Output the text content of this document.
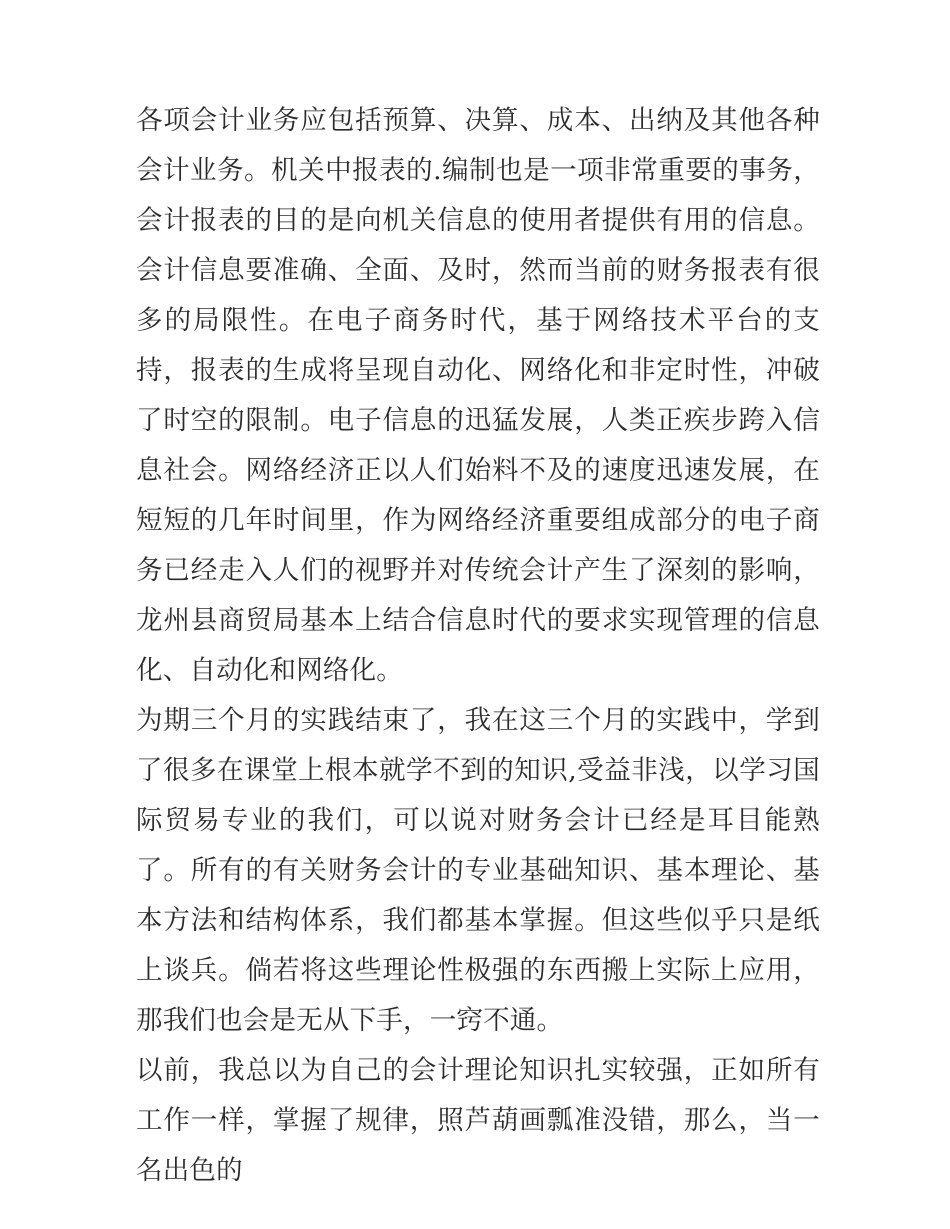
各项会计业务应包括预算、决算、成本、出纳及其他各种会计业务。机关中报表的.编制也是一项非常重要的事务，会计报表的目的是向机关信息的使用者提供有用的信息。会计信息要准确、全面、及时，然而当前的财务报表有很多的局限性。在电子商务时代，基于网络技术平台的支持，报表的生成将呈现自动化、网络化和非定时性，冲破了时空的限制。电子信息的迅猛发展，人类正疾步跨入信息社会。网络经济正以人们始料不及的速度迅速发展，在短短的几年时间里，作为网络经济重要组成部分的电子商务已经走入人们的视野并对传统会计产生了深刻的影响，龙州县商贸局基本上结合信息时代的要求实现管理的信息化、自动化和网络化。

为期三个月的实践结束了，我在这三个月的实践中，学到了很多在课堂上根本就学不到的知识,受益非浅，以学习国际贸易专业的我们，可以说对财务会计已经是耳目能熟了。所有的有关财务会计的专业基础知识、基本理论、基本方法和结构体系，我们都基本掌握。但这些似乎只是纸上谈兵。倘若将这些理论性极强的东西搬上实际上应用，那我们也会是无从下手，一窍不通。

以前，我总以为自己的会计理论知识扎实较强，正如所有工作一样，掌握了规律，照芦葫画瓢准没错，那么，当一名出色的
